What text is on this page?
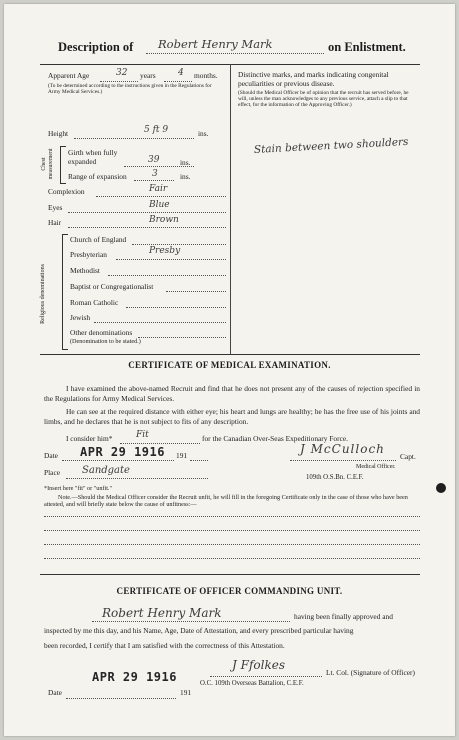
Description of Robert Henry Mark	on Enlistment.
Apparent Age	32 years 4 months.
(To be determined according to the instructions given in the Regulations for Army Medical Services.)
Distinctive marks, and marks indicating congenital peculiarities or previous disease.
(Should the Medical Officer be of opinion that the recruit has served before, he will, unless the man acknowledges to any previous service, attach a slip to that effect, for the information of the Approving Officer.)
Stain between two shoulders
Height	5 ft 9	ins.
Chest measurement Girth when fully expanded	39	ins.
Range of expansion	3	ins.
Complexion	Fair
Eyes	Blue
Hair	Brown
Religious denominations
Church of England
Presbyterian	Presby
Methodist
Baptist or Congregationalist
Roman Catholic
Jewish
Other denominations
(Denomination to be stated.)
CERTIFICATE OF MEDICAL EXAMINATION.
I have examined the above-named Recruit and find that he does not present any of the causes of rejection specified in the Regulations for Army Medical Services.
He can see at the required distance with either eye; his heart and lungs are healthy; he has the free use of his joints and limbs, and he declares that he is not subject to fits of any description.
I consider him*	Fit	for the Canadian Over-Seas Expeditionary Force.
Date APR 29 1916 191	J McCulloch
Capt.
Medical Officer.
Place Sandgate
109th O.S.Bn. C.E.F.
*Insert here "fit" or "unfit."
Note.—Should the Medical Officer consider the Recruit unfit, he will fill in the foregoing Certificate only in the case of those who have been attested, and will briefly state below the cause of unfitness:—
CERTIFICATE OF OFFICER COMMANDING UNIT.
Robert Henry Mark	having been finally approved and
inspected by me this day, and his Name, Age, Date of Attestation, and every prescribed particular having
been recorded, I certify that I am satisfied with the correctness of this Attestation.
J Ffolkes
Lt. Col. (Signature of Officer)
Date
APR 29 1916
191
O.C. 109th Overseas Battalion, C.E.F.
